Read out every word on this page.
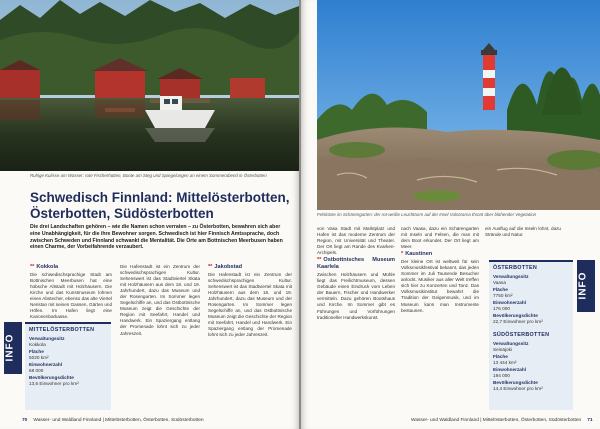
Ruhige Kulisse am Wasser: rote Fischerhütten, Boote am Steg und Spiegelungen an einem Sommerabend in Österbotten
Schwedisch Finnland: Mittelösterbotten, Österbotten, Südösterbotten
Die drei Landschaften gehören – wie die Namen schon verraten – zu Österbotten, bewahren sich aber eine Unabhängigkeit, für die ihre Bewohner sorgen. Schwedisch ist hier Finnisch Amtssprache, doch zwischen Schweden und Finnland schwankt die Mentalität. Die Orte am Bottnischen Meerbusen haben einen Charme, der Vorbeifahrende verzaubert.

** Kokkola

Die schwedischsprachige Stadt am Bottnischen Meerbusen hat eine hübsche Altstadt mit Holzhäusern. Die Kirche und das Kunstmuseum lohnen einen Abstecher, ebenso das alte Viertel Neristan mit seinen Gassen, Gärten und Höfen. Im Hafen liegt eine Kanonenbarkasse.

Die Hafenstadt ist ein Zentrum der schwedischsprachigen Kultur. Sehenswert ist das Stadtviertel Skata mit Holzhäusern aus dem 18. und 19. Jahrhundert, dazu das Museum und der Rosengarten. Im Sommer legen Segelschiffe an, und das Ostbottnische Museum zeigt die Geschichte der Region mit Seefahrt, Handel und Handwerk. Ein Spaziergang entlang der Promenade lohnt sich zu jeder Jahreszeit.

** Jakobstad

Die Hafenstadt ist ein Zentrum der schwedischsprachigen Kultur. Sehenswert ist das Stadtviertel Skata mit Holzhäusern aus dem 18. und 19. Jahrhundert, dazu das Museum und der Rosengarten. Im Sommer legen Segelschiffe an, und das Ostbottnische Museum zeigt die Geschichte der Region mit Seefahrt, Handel und Handwerk. Ein Spaziergang entlang der Promenade lohnt sich zu jeder Jahreszeit.

INFO
MITTELÖSTERBOTTEN
Verwaltungssitz
Kokkola
Fläche
5020 km²
Einwohnerzahl
68 000
Bevölkerungsdichte
13,6 Einwohner pro km²
70 Wasser- und Waldland Finnland | Mittelösterbotten, Österbotten, Südösterbotten
Felsküste im Schärengarten: der rot-weiße Leuchtturm auf der Insel Valsörarna thront über blühender Vegetation

von Vasa Stadt mit Marktplatz und Hafen ist das moderne Zentrum der Region, mit Universität und Theater. Der Ort liegt am Rande des Kvarken-Archipels.

** Ostbottnisches Museum Kaarlela

Zwischen Holzhäusern und Mühle liegt das Freilichtmuseum, dessen Gebäude einen Eindruck vom Leben der Bauern, Fischer und Handwerker vermitteln. Dazu gehören Bootshaus und Kirche. Im Sommer gibt es Führungen und Vorführungen traditioneller Handwerkskunst.

nach Vaasa, dazu ein Schärengarten mit Inseln und Felsen, die man mit dem Boot erkundet. Der Ort liegt am Meer.

* Kaustinen

Der kleine Ort ist weltweit für sein Volksmusikfestival bekannt, das jeden Sommer im Juli Tausende Besucher anlockt. Musiker aus aller Welt treffen sich hier zu Konzerten und Tanz. Das Volksmusikinstitut bewahrt die Tradition der Geigenmusik, und im Museum kann man Instrumente bestaunen.

ein Ausflug auf die Inseln lohnt, dazu Strände und Natur.

ÖSTERBOTTEN
Verwaltungssitz
Vaasa
Fläche
7750 km²
Einwohnerzahl
176 000
Bevölkerungsdichte
22,7 Einwohner pro km²
SÜDÖSTERBOTTEN
Verwaltungssitz
Seinäjoki
Fläche
13 444 km²
Einwohnerzahl
194 000
Bevölkerungsdichte
14,4 Einwohner pro km²
INFO
Wasser- und Waldland Finnland | Mittelösterbotten, Österbotten, Südösterbotten 71
